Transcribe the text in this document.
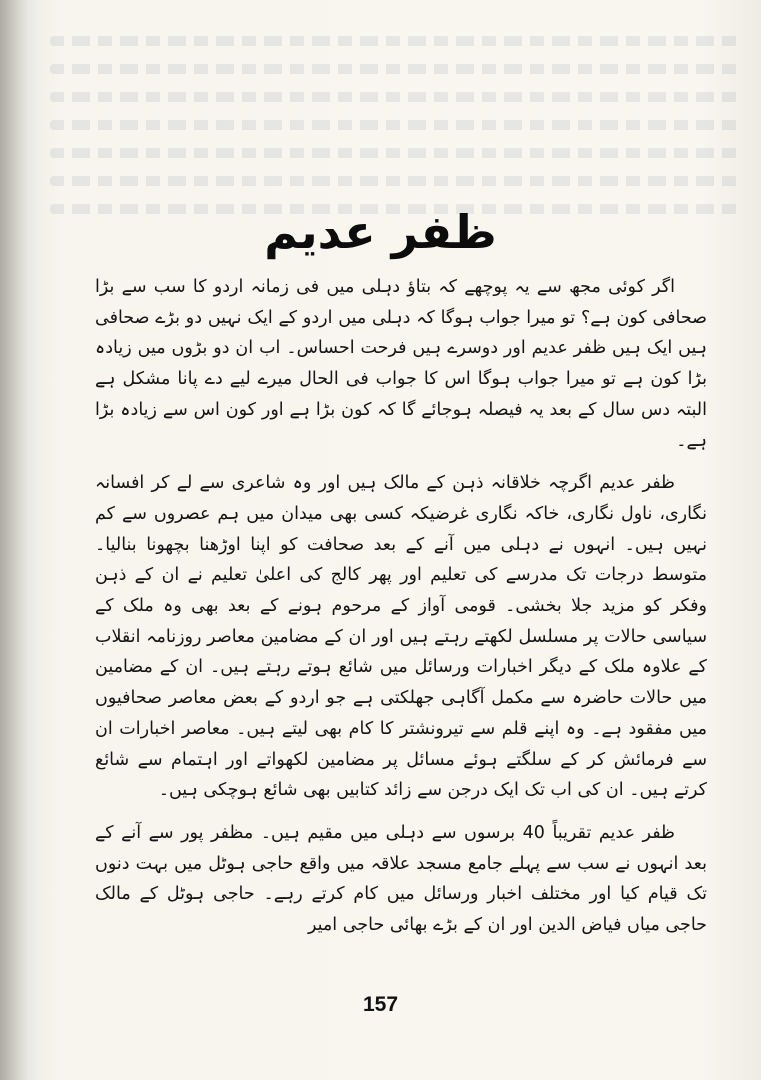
ظفر عدیم

اگر کوئی مجھ سے یہ پوچھے کہ بتاؤ دہلی میں فی زمانہ اردو کا سب سے بڑا صحافی کون ہے؟ تو میرا جواب ہوگا کہ دہلی میں اردو کے ایک نہیں دو بڑے صحافی ہیں ایک ہیں ظفر عدیم اور دوسرے ہیں فرحت احساس۔ اب ان دو بڑوں میں زیادہ بڑا کون ہے تو میرا جواب ہوگا اس کا جواب فی الحال میرے لیے دے پانا مشکل ہے البتہ دس سال کے بعد یہ فیصلہ ہوجائے گا کہ کون بڑا ہے اور کون اس سے زیادہ بڑا ہے۔

ظفر عدیم اگرچہ خلاقانہ ذہن کے مالک ہیں اور وہ شاعری سے لے کر افسانہ نگاری، ناول نگاری، خاکہ نگاری غرضیکہ کسی بھی میدان میں ہم عصروں سے کم نہیں ہیں۔ انہوں نے دہلی میں آنے کے بعد صحافت کو اپنا اوڑھنا بچھونا بنالیا۔ متوسط درجات تک مدرسے کی تعلیم اور پھر کالج کی اعلیٰ تعلیم نے ان کے ذہن وفکر کو مزید جلا بخشی۔ قومی آواز کے مرحوم ہونے کے بعد بھی وہ ملک کے سیاسی حالات پر مسلسل لکھتے رہتے ہیں اور ان کے مضامین معاصر روزنامہ انقلاب کے علاوہ ملک کے دیگر اخبارات ورسائل میں شائع ہوتے رہتے ہیں۔ ان کے مضامین میں حالات حاضرہ سے مکمل آگاہی جھلکتی ہے جو اردو کے بعض معاصر صحافیوں میں مفقود ہے۔ وہ اپنے قلم سے تیرونشتر کا کام بھی لیتے ہیں۔ معاصر اخبارات ان سے فرمائش کر کے سلگتے ہوئے مسائل پر مضامین لکھواتے اور اہتمام سے شائع کرتے ہیں۔ ان کی اب تک ایک درجن سے زائد کتابیں بھی شائع ہوچکی ہیں۔

ظفر عدیم تقریباً 40 برسوں سے دہلی میں مقیم ہیں۔ مظفر پور سے آنے کے بعد انہوں نے سب سے پہلے جامع مسجد علاقہ میں واقع حاجی ہوٹل میں بہت دنوں تک قیام کیا اور مختلف اخبار ورسائل میں کام کرتے رہے۔ حاجی ہوٹل کے مالک حاجی میاں فیاض الدین اور ان کے بڑے بھائی حاجی امیر

157
